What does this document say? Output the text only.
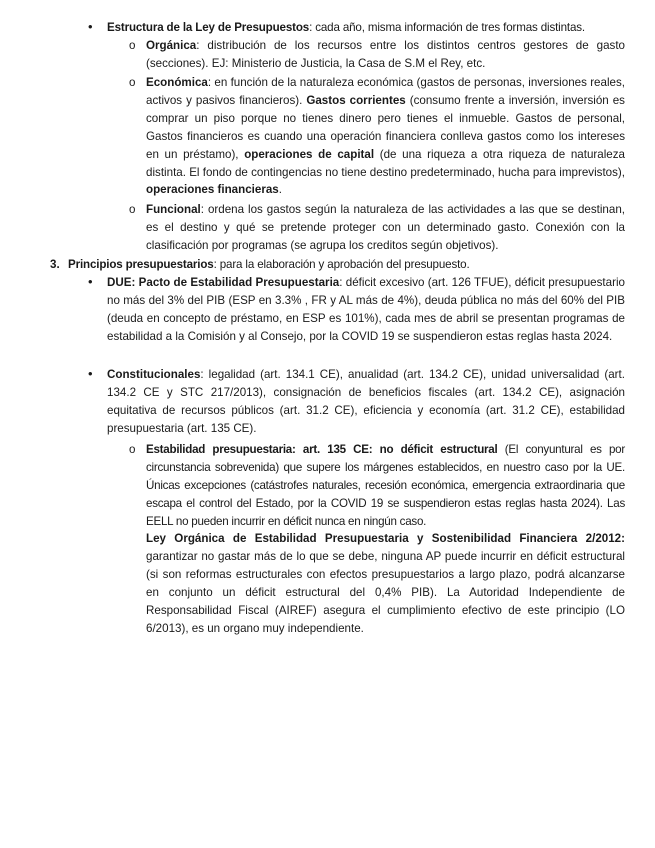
• Estructura de la Ley de Presupuestos: cada año, misma información de tres formas distintas.

o Orgánica: distribución de los recursos entre los distintos centros gestores de gasto (secciones). EJ: Ministerio de Justicia, la Casa de S.M el Rey, etc.

o Económica: en función de la naturaleza económica (gastos de personas, inversiones reales, activos y pasivos financieros). Gastos corrientes (consumo frente a inversión, inversión es comprar un piso porque no tienes dinero pero tienes el inmueble. Gastos de personal, Gastos financieros es cuando una operación financiera conlleva gastos como los intereses en un préstamo), operaciones de capital (de una riqueza a otra riqueza de naturaleza distinta. El fondo de contingencias no tiene destino predeterminado, hucha para imprevistos), operaciones financieras.

o Funcional: ordena los gastos según la naturaleza de las actividades a las que se destinan, es el destino y qué se pretende proteger con un determinado gasto. Conexión con la clasificación por programas (se agrupa los creditos según objetivos).

3. Principios presupuestarios: para la elaboración y aprobación del presupuesto.

• DUE: Pacto de Estabilidad Presupuestaria: déficit excesivo (art. 126 TFUE), déficit presupuestario no más del 3% del PIB (ESP en 3.3% , FR y AL más de 4%), deuda pública no más del 60% del PIB (deuda en concepto de préstamo, en ESP es 101%), cada mes de abril se presentan programas de estabilidad a la Comisión y al Consejo, por la COVID 19 se suspendieron estas reglas hasta 2024.

• Constitucionales: legalidad (art. 134.1 CE), anualidad (art. 134.2 CE), unidad universalidad (art. 134.2 CE y STC 217/2013), consignación de beneficios fiscales (art. 134.2 CE), asignación equitativa de recursos públicos (art. 31.2 CE), eficiencia y economía (art. 31.2 CE), estabilidad presupuestaria (art. 135 CE).

o Estabilidad presupuestaria: art. 135 CE: no déficit estructural (El conyuntural es por circunstancia sobrevenida) que supere los márgenes establecidos, en nuestro caso por la UE. Únicas excepciones (catástrofes naturales, recesión económica, emergencia extraordinaria que escapa el control del Estado, por la COVID 19 se suspendieron estas reglas hasta 2024). Las EELL no pueden incurrir en déficit nunca en ningún caso.

Ley Orgánica de Estabilidad Presupuestaria y Sostenibilidad Financiera 2/2012: garantizar no gastar más de lo que se debe, ninguna AP puede incurrir en déficit estructural (si son reformas estructurales con efectos presupuestarios a largo plazo, podrá alcanzarse en conjunto un déficit estructural del 0,4% PIB). La Autoridad Independiente de Responsabilidad Fiscal (AIREF) asegura el cumplimiento efectivo de este principio (LO 6/2013), es un organo muy independiente.
